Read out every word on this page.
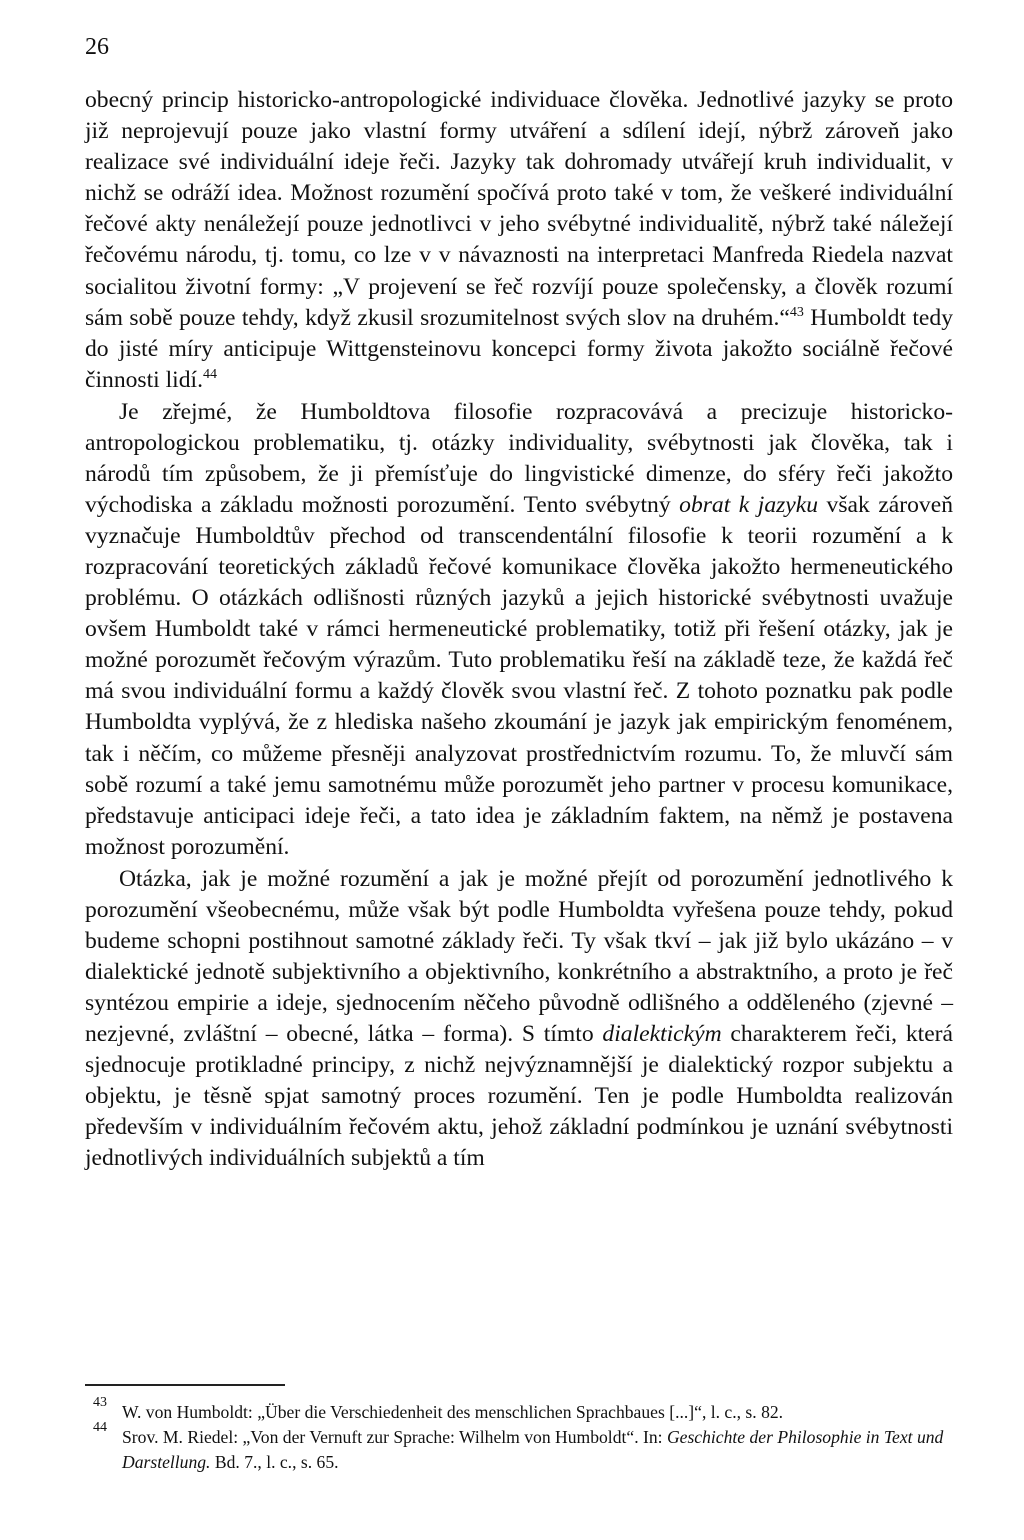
26

obecný princip historicko-antropologické individuace člověka. Jednotlivé jazyky se proto již neprojevují pouze jako vlastní formy utváření a sdílení idejí, nýbrž zároveň jako realizace své individuální ideje řeči. Jazyky tak dohromady utvářejí kruh individualit, v nichž se odráží idea. Možnost rozumění spočívá proto také v tom, že veškeré individuální řečové akty nenáležejí pouze jednotlivci v jeho svébytné individualitě, nýbrž také náležejí řečovému národu, tj. tomu, co lze v v návaznosti na interpretaci Manfreda Riedela nazvat socialitou životní formy: „V projevení se řeč rozvíjí pouze společensky, a člověk rozumí sám sobě pouze tehdy, když zkusil srozumitelnost svých slov na druhém.“$^{43}$ Humboldt tedy do jisté míry anticipuje Wittgensteinovu koncepci formy života jakožto sociálně řečové činnosti lidí.$^{44}$

Je zřejmé, že Humboldtova filosofie rozpracovává a precizuje historicko-antropologickou problematiku, tj. otázky individuality, svébytnosti jak člověka, tak i národů tím způsobem, že ji přemísťuje do lingvistické dimenze, do sféry řeči jakožto východiska a základu možnosti porozumění. Tento svébytný obrat k jazyku však zároveň vyznačuje Humboldtův přechod od transcendentální filosofie k teorii rozumění a k rozpracování teoretických základů řečové komunikace člověka jakožto hermeneutického problému. O otázkách odlišnosti různých jazyků a jejich historické svébytnosti uvažuje ovšem Humboldt také v rámci hermeneutické problematiky, totiž při řešení otázky, jak je možné porozumět řečovým výrazům. Tuto problematiku řeší na základě teze, že každá řeč má svou individuální formu a každý člověk svou vlastní řeč. Z tohoto poznatku pak podle Humboldta vyplývá, že z hlediska našeho zkoumání je jazyk jak empirickým fenoménem, tak i něčím, co můžeme přesněji analyzovat prostřednictvím rozumu. To, že mluvčí sám sobě rozumí a také jemu samotnému může porozumět jeho partner v procesu komunikace, představuje anticipaci ideje řeči, a tato idea je základním faktem, na němž je postavena možnost porozumění.

Otázka, jak je možné rozumění a jak je možné přejít od porozumění jednotlivého k porozumění všeobecnému, může však být podle Humboldta vyřešena pouze tehdy, pokud budeme schopni postihnout samotné základy řeči. Ty však tkví – jak již bylo ukázáno – v dialektické jednotě subjektivního a objektivního, konkrétního a abstraktního, a proto je řeč syntézou empirie a ideje, sjednocením něčeho původně odlišného a odděleného (zjevné – nezjevné, zvláštní – obecné, látka – forma). S tímto dialektickým charakterem řeči, která sjednocuje protikladné principy, z nichž nejvýznamnější je dialektický rozpor subjektu a objektu, je těsně spjat samotný proces rozumění. Ten je podle Humboldta realizován především v individuálním řečovém aktu, jehož základní podmínkou je uznání svébytnosti jednotlivých individuálních subjektů a tím

43 W. von Humboldt: „Über die Verschiedenheit des menschlichen Sprachbaues [...]“, l. c., s. 82.
44 Srov. M. Riedel: „Von der Vernuft zur Sprache: Wilhelm von Humboldt“. In: Geschichte der Philosophie in Text und Darstellung. Bd. 7., l. c., s. 65.
